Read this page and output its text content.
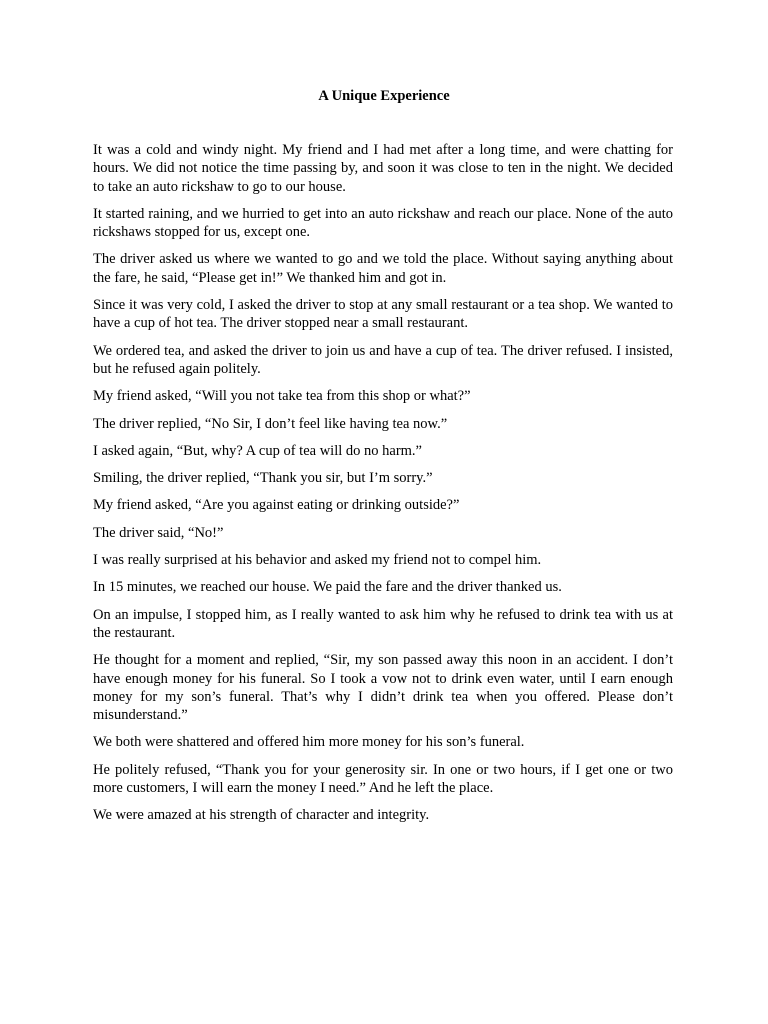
A Unique Experience

It was a cold and windy night. My friend and I had met after a long time, and were chatting for hours. We did not notice the time passing by, and soon it was close to ten in the night. We decided to take an auto rickshaw to go to our house.

It started raining, and we hurried to get into an auto rickshaw and reach our place. None of the auto rickshaws stopped for us, except one.

The driver asked us where we wanted to go and we told the place. Without saying anything about the fare, he said, “Please get in!” We thanked him and got in.

Since it was very cold, I asked the driver to stop at any small restaurant or a tea shop. We wanted to have a cup of hot tea. The driver stopped near a small restaurant.

We ordered tea, and asked the driver to join us and have a cup of tea. The driver refused. I insisted, but he refused again politely.

My friend asked, “Will you not take tea from this shop or what?”

The driver replied, “No Sir, I don’t feel like having tea now.”

I asked again, “But, why? A cup of tea will do no harm.”

Smiling, the driver replied, “Thank you sir, but I’m sorry.”

My friend asked, “Are you against eating or drinking outside?”

The driver said, “No!”

I was really surprised at his behavior and asked my friend not to compel him.

In 15 minutes, we reached our house. We paid the fare and the driver thanked us.

On an impulse, I stopped him, as I really wanted to ask him why he refused to drink tea with us at the restaurant.

He thought for a moment and replied, “Sir, my son passed away this noon in an accident. I don’t have enough money for his funeral. So I took a vow not to drink even water, until I earn enough money for my son’s funeral. That’s why I didn’t drink tea when you offered. Please don’t misunderstand.”

We both were shattered and offered him more money for his son’s funeral.

He politely refused, “Thank you for your generosity sir. In one or two hours, if I get one or two more customers, I will earn the money I need.” And he left the place.

We were amazed at his strength of character and integrity.
